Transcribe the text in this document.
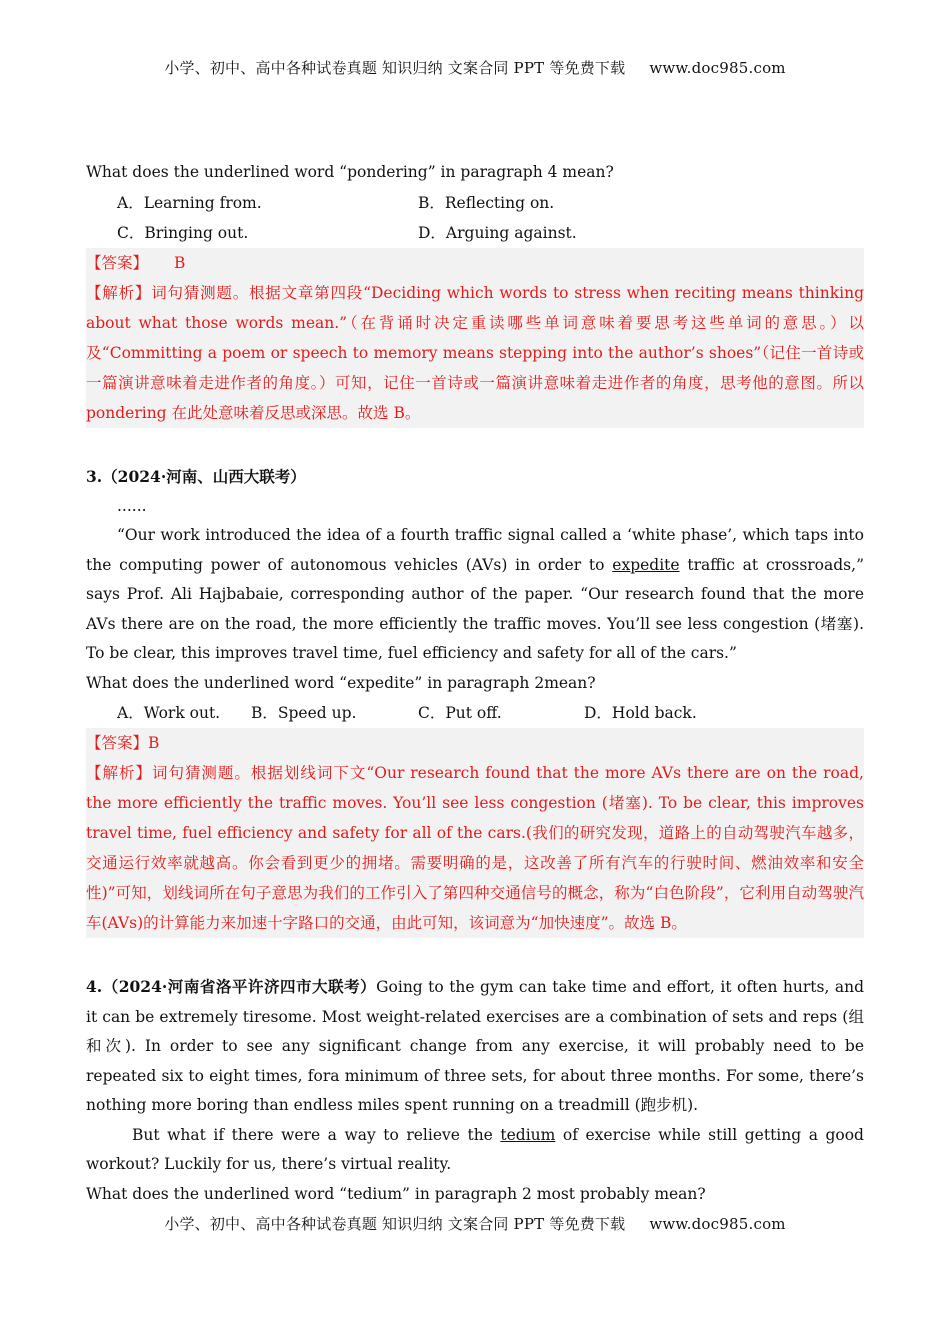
小学、初中、高中各种试卷真题 知识归纳 文案合同 PPT 等免费下载 www.doc985.com
What does the underlined word “pondering” in paragraph 4 mean?
A．Learning from.	B．Reflecting on.
C．Bringing out.	D．Arguing against.
【答案】 B
【解析】词句猜测题。根据文章第四段“Deciding which words to stress when reciting means thinking about what those words mean.”（在背诵时决定重读哪些单词意味着要思考这些单词的意思。）以及“Committing a poem or speech to memory means stepping into the author’s shoes”（记住一首诗或一篇演讲意味着走进作者的角度。）可知，记住一首诗或一篇演讲意味着走进作者的角度，思考他的意图。所以 pondering 在此处意味着反思或深思。故选 B。
3.（2024·河南、山西大联考）
......
“Our work introduced the idea of a fourth traffic signal called a ‘white phase’, which taps into the computing power of autonomous vehicles (AVs) in order to expedite traffic at crossroads,” says Prof. Ali Hajbabaie, corresponding author of the paper. “Our research found that the more AVs there are on the road, the more efficiently the traffic moves. You’ll see less congestion (堵塞). To be clear, this improves travel time, fuel efficiency and safety for all of the cars.”
What does the underlined word “expedite” in paragraph 2mean?
A．Work out.	B．Speed up.	C．Put off.	D．Hold back.
【答案】B
【解析】词句猜测题。根据划线词下文“Our research found that the more AVs there are on the road, the more efficiently the traffic moves. You’ll see less congestion (堵塞). To be clear, this improves travel time, fuel efficiency and safety for all of the cars.(我们的研究发现，道路上的自动驾驶汽车越多，交通运行效率就越高。你会看到更少的拥堵。需要明确的是，这改善了所有汽车的行驶时间、燃油效率和安全性)”可知，划线词所在句子意思为我们的工作引入了第四种交通信号的概念，称为“白色阶段”，它利用自动驾驶汽车(AVs)的计算能力来加速十字路口的交通，由此可知，该词意为“加快速度”。故选 B。
4.（2024·河南省洛平许济四市大联考）Going to the gym can take time and effort, it often hurts, and it can be extremely tiresome. Most weight-related exercises are a combination of sets and reps (组和次). In order to see any significant change from any exercise, it will probably need to be repeated six to eight times, fora minimum of three sets, for about three months. For some, there’s nothing more boring than endless miles spent running on a treadmill (跑步机).
But what if there were a way to relieve the tedium of exercise while still getting a good workout? Luckily for us, there’s virtual reality.
What does the underlined word “tedium” in paragraph 2 most probably mean?
小学、初中、高中各种试卷真题 知识归纳 文案合同 PPT 等免费下载 www.doc985.com
